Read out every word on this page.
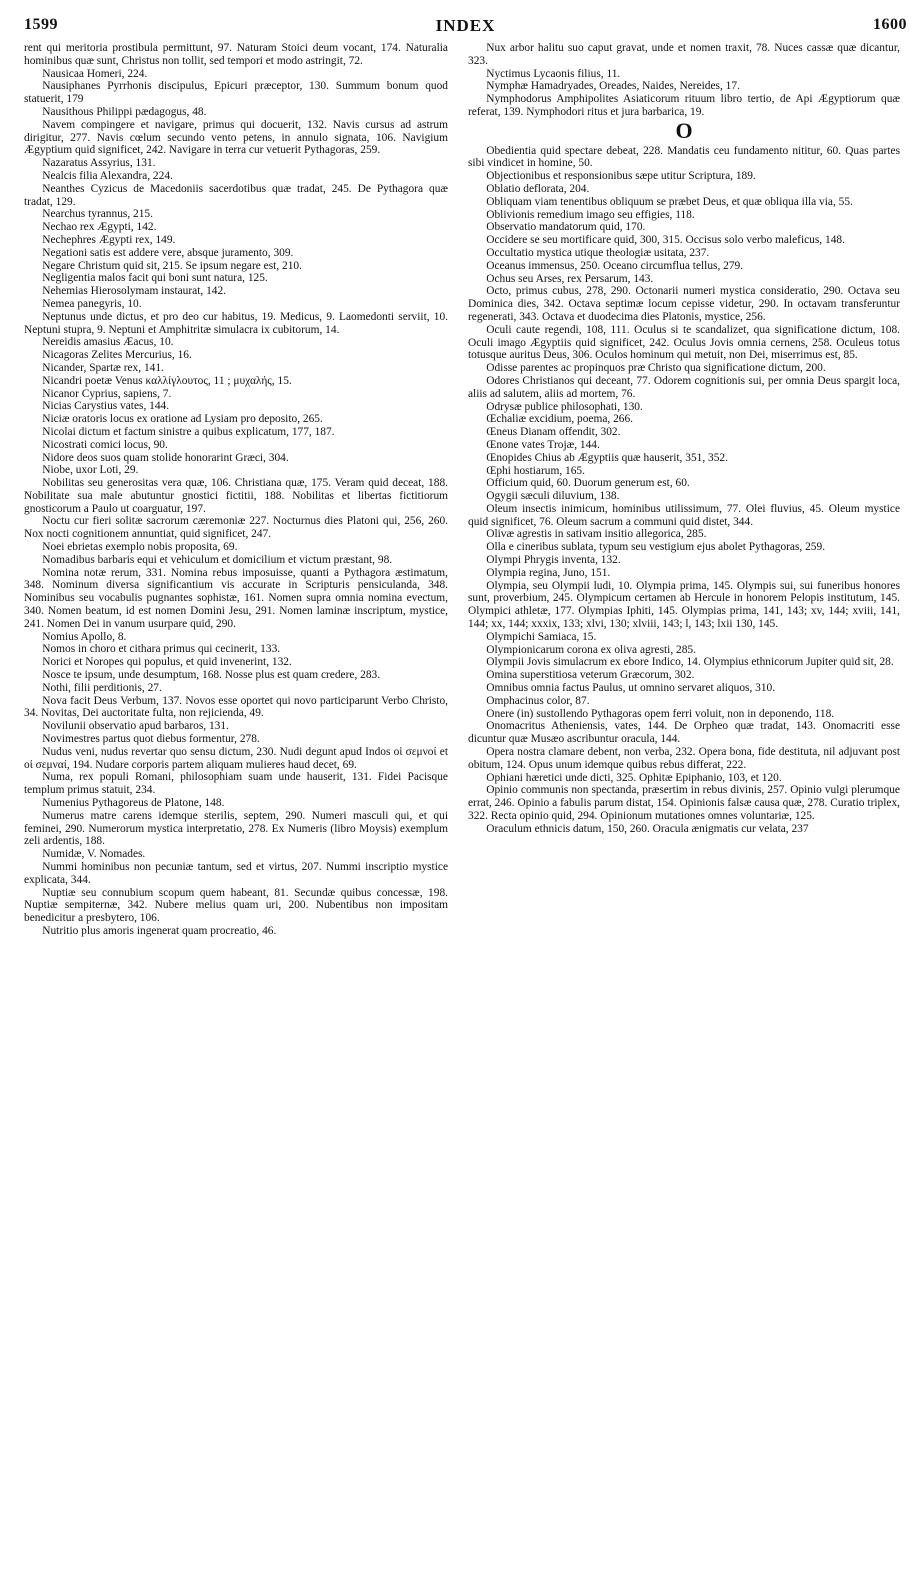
1599	INDEX	1600

rent qui meritoria prostibula permittunt, 97. Naturam Stoici deum vocant, 174. Naturalia hominibus quæ sunt, Christus non tollit, sed tempori et modo astringit, 72.

Nausicaa Homeri, 224.

Nausiphanes Pyrrhonis discipulus, Epicuri præceptor, 130. Summum bonum quod statuerit, 179

Nausithous Philippi pædagogus, 48.

Navem compingere et navigare, primus qui docuerit, 132. Navis cursus ad astrum dirigitur, 277. Navis cœlum secundo vento petens, in annulo signata, 106. Navigium Ægyptium quid significet, 242. Navigare in terra cur vetuerit Pythagoras, 259.

Nazaratus Assyrius, 131.

Nealcis filia Alexandra, 224.

Neanthes Cyzicus de Macedoniis sacerdotibus quæ tradat, 245. De Pythagora quæ tradat, 129.

Nearchus tyrannus, 215.

Nechao rex Ægypti, 142.

Nechephres Ægypti rex, 149.

Negationi satis est addere vere, absque juramento, 309.

Negare Christum quid sit, 215. Se ipsum negare est, 210.

Negligentia malos facit qui boni sunt natura, 125.

Nehemias Hierosolymam instaurat, 142.

Nemea panegyris, 10.

Neptunus unde dictus, et pro deo cur habitus, 19. Medicus, 9. Laomedonti serviit, 10. Neptuni stupra, 9. Neptuni et Amphitritæ simulacra ix cubitorum, 14.

Nereidis amasius Æacus, 10.

Nicagoras Zelites Mercurius, 16.

Nicander, Spartæ rex, 141.

Nicandri poetæ Venus καλλίγλουτος, 11 ; μυχαλής, 15.

Nicanor Cyprius, sapiens, 7.

Nicias Carystius vates, 144.

Niciæ oratoris locus ex oratione ad Lysiam pro deposito, 265.

Nicolai dictum et factum sinistre a quibus explicatum, 177, 187.

Nicostrati comici locus, 90.

Nidore deos suos quam stolide honorarint Græci, 304.

Niobe, uxor Loti, 29.

Nobilitas seu generositas vera quæ, 106. Christiana quæ, 175. Veram quid deceat, 188. Nobilitate sua male abutuntur gnostici fictitii, 188. Nobilitas et libertas fictitiorum gnosticorum a Paulo ut coarguatur, 197.

Noctu cur fieri solitæ sacrorum cæremoniæ 227. Nocturnus dies Platoni qui, 256, 260. Nox nocti cognitionem annuntiat, quid significet, 247.

Noei ebrietas exemplo nobis proposita, 69.

Nomadibus barbaris equi et vehiculum et domicilium et victum præstant, 98.

Nomina notæ rerum, 331. Nomina rebus imposuisse, quanti a Pythagora æstimatum, 348. Nominum diversa significantium vis accurate in Scripturis pensiculanda, 348. Nominibus seu vocabulis pugnantes sophistæ, 161. Nomen supra omnia nomina evectum, 340. Nomen beatum, id est nomen Domini Jesu, 291. Nomen laminæ inscriptum, mystice, 241. Nomen Dei in vanum usurpare quid, 290.

Nomius Apollo, 8.

Nomos in choro et cithara primus qui cecinerit, 133.

Norici et Noropes qui populus, et quid invenerint, 132.

Nosce te ipsum, unde desumptum, 168. Nosse plus est quam credere, 283.

Nothi, filii perditionis, 27.

Nova facit Deus Verbum, 137. Novos esse oportet qui novo participarunt Verbo Christo, 34. Novitas, Dei auctoritate fulta, non rejicienda, 49.

Novilunii observatio apud barbaros, 131.

Novimestres partus quot diebus formentur, 278.

Nudus veni, nudus revertar quo sensu dictum, 230. Nudi degunt apud Indos οἱ σεμνοί et οἱ σεμναί, 194. Nudare corporis partem aliquam mulieres haud decet, 69.

Numa, rex populi Romani, philosophiam suam unde hauserit, 131. Fidei Pacisque templum primus statuit, 234.

Numenius Pythagoreus de Platone, 148.

Numerus matre carens idemque sterilis, septem, 290. Numeri masculi qui, et qui feminei, 290. Numerorum mystica interpretatio, 278. Ex Numeris (libro Moysis) exemplum zeli ardentis, 188.

Numidæ, V. Nomades.

Nummi hominibus non pecuniæ tantum, sed et virtus, 207. Nummi inscriptio mystice explicata, 344.

Nuptiæ seu connubium scopum quem habeant, 81. Secundæ quibus concessæ, 198. Nuptiæ sempiternæ, 342. Nubere melius quam uri, 200. Nubentibus non impositam benedicitur a presbytero, 106.

Nutritio plus amoris ingenerat quam procreatio, 46.

Nux arbor halitu suo caput gravat, unde et nomen traxit, 78. Nuces cassæ quæ dicantur, 323.

Nyctimus Lycaonis filius, 11.

Nymphæ Hamadryades, Oreades, Naides, Nereides, 17.

Nymphodorus Amphipolites Asiaticorum rituum libro tertio, de Api Ægyptiorum quæ referat, 139. Nymphodori ritus et jura barbarica, 19.

O

Obedientia quid spectare debeat, 228. Mandatis ceu fundamento nititur, 60. Quas partes sibi vindicet in homine, 50.

Objectionibus et responsionibus sæpe utitur Scriptura, 189.

Oblatio deflorata, 204.

Obliquam viam tenentibus obliquum se præbet Deus, et quæ obliqua illa via, 55.

Oblivionis remedium imago seu effigies, 118.

Observatio mandatorum quid, 170.

Occidere se seu mortificare quid, 300, 315. Occisus solo verbo maleficus, 148.

Occultatio mystica utique theologiæ usitata, 237.

Oceanus immensus, 250. Oceano circumflua tellus, 279.

Ochus seu Arses, rex Persarum, 143.

Octo, primus cubus, 278, 290. Octonarii numeri mystica consideratio, 290. Octava seu Dominica dies, 342. Octava septimæ locum cepisse videtur, 290. In octavam transferuntur regenerati, 343. Octava et duodecima dies Platonis, mystice, 256.

Oculi caute regendi, 108, 111. Oculus si te scandalizet, qua significatione dictum, 108. Oculi imago Ægyptiis quid significet, 242. Oculus Jovis omnia cernens, 258. Oculeus totus totusque auritus Deus, 306. Oculos hominum qui metuit, non Dei, miserrimus est, 85.

Odisse parentes ac propinquos præ Christo qua significatione dictum, 200.

Odores Christianos qui deceant, 77. Odorem cognitionis sui, per omnia Deus spargit loca, aliis ad salutem, aliis ad mortem, 76.

Odrysæ publice philosophati, 130.

Œchaliæ excidium, poema, 266.

Œneus Dianam offendit, 302.

Œnone vates Trojæ, 144.

Œnopides Chius ab Ægyptiis quæ hauserit, 351, 352.

Œphi hostiarum, 165.

Officium quid, 60. Duorum generum est, 60.

Ogygii sæculi diluvium, 138.

Oleum insectis inimicum, hominibus utilissimum, 77. Olei fluvius, 45. Oleum mystice quid significet, 76. Oleum sacrum a communi quid distet, 344.

Olivæ agrestis in sativam insitio allegorica, 285.

Olla e cineribus sublata, typum seu vestigium ejus abolet Pythagoras, 259.

Olympi Phrygis inventa, 132.

Olympia regina, Juno, 151.

Olympia, seu Olympii ludi, 10. Olympia prima, 145. Olympis sui, sui funeribus honores sunt, proverbium, 245. Olympicum certamen ab Hercule in honorem Pelopis institutum, 145. Olympici athletæ, 177. Olympias Iphiti, 145. Olympias prima, 141, 143; xv, 144; xviii, 141, 144; xx, 144; xxxix, 133; xlvi, 130; xlviii, 143; l, 143; lxii 130, 145.

Olympichi Samiaca, 15.

Olympionicarum corona ex oliva agresti, 285.

Olympii Jovis simulacrum ex ebore Indico, 14. Olympius ethnicorum Jupiter quid sit, 28.

Omina superstitiosa veterum Græcorum, 302.

Omnibus omnia factus Paulus, ut omnino servaret aliquos, 310.

Omphacinus color, 87.

Onere (in) sustollendo Pythagoras opem ferri voluit, non in deponendo, 118.

Onomacritus Atheniensis, vates, 144. De Orpheo quæ tradat, 143. Onomacriti esse dicuntur quæ Musæo ascribuntur oracula, 144.

Opera nostra clamare debent, non verba, 232. Opera bona, fide destituta, nil adjuvant post obitum, 124. Opus unum idemque quibus rebus differat, 222.

Ophiani hæretici unde dicti, 325. Ophitæ Epiphanio, 103, et 120.

Opinio communis non spectanda, præsertim in rebus divinis, 257. Opinio vulgi plerumque errat, 246. Opinio a fabulis parum distat, 154. Opinionis falsæ causa quæ, 278. Curatio triplex, 322. Recta opinio quid, 294. Opinionum mutationes omnes voluntariæ, 125.

Oraculum ethnicis datum, 150, 260. Oracula ænigmatis cur velata, 237
